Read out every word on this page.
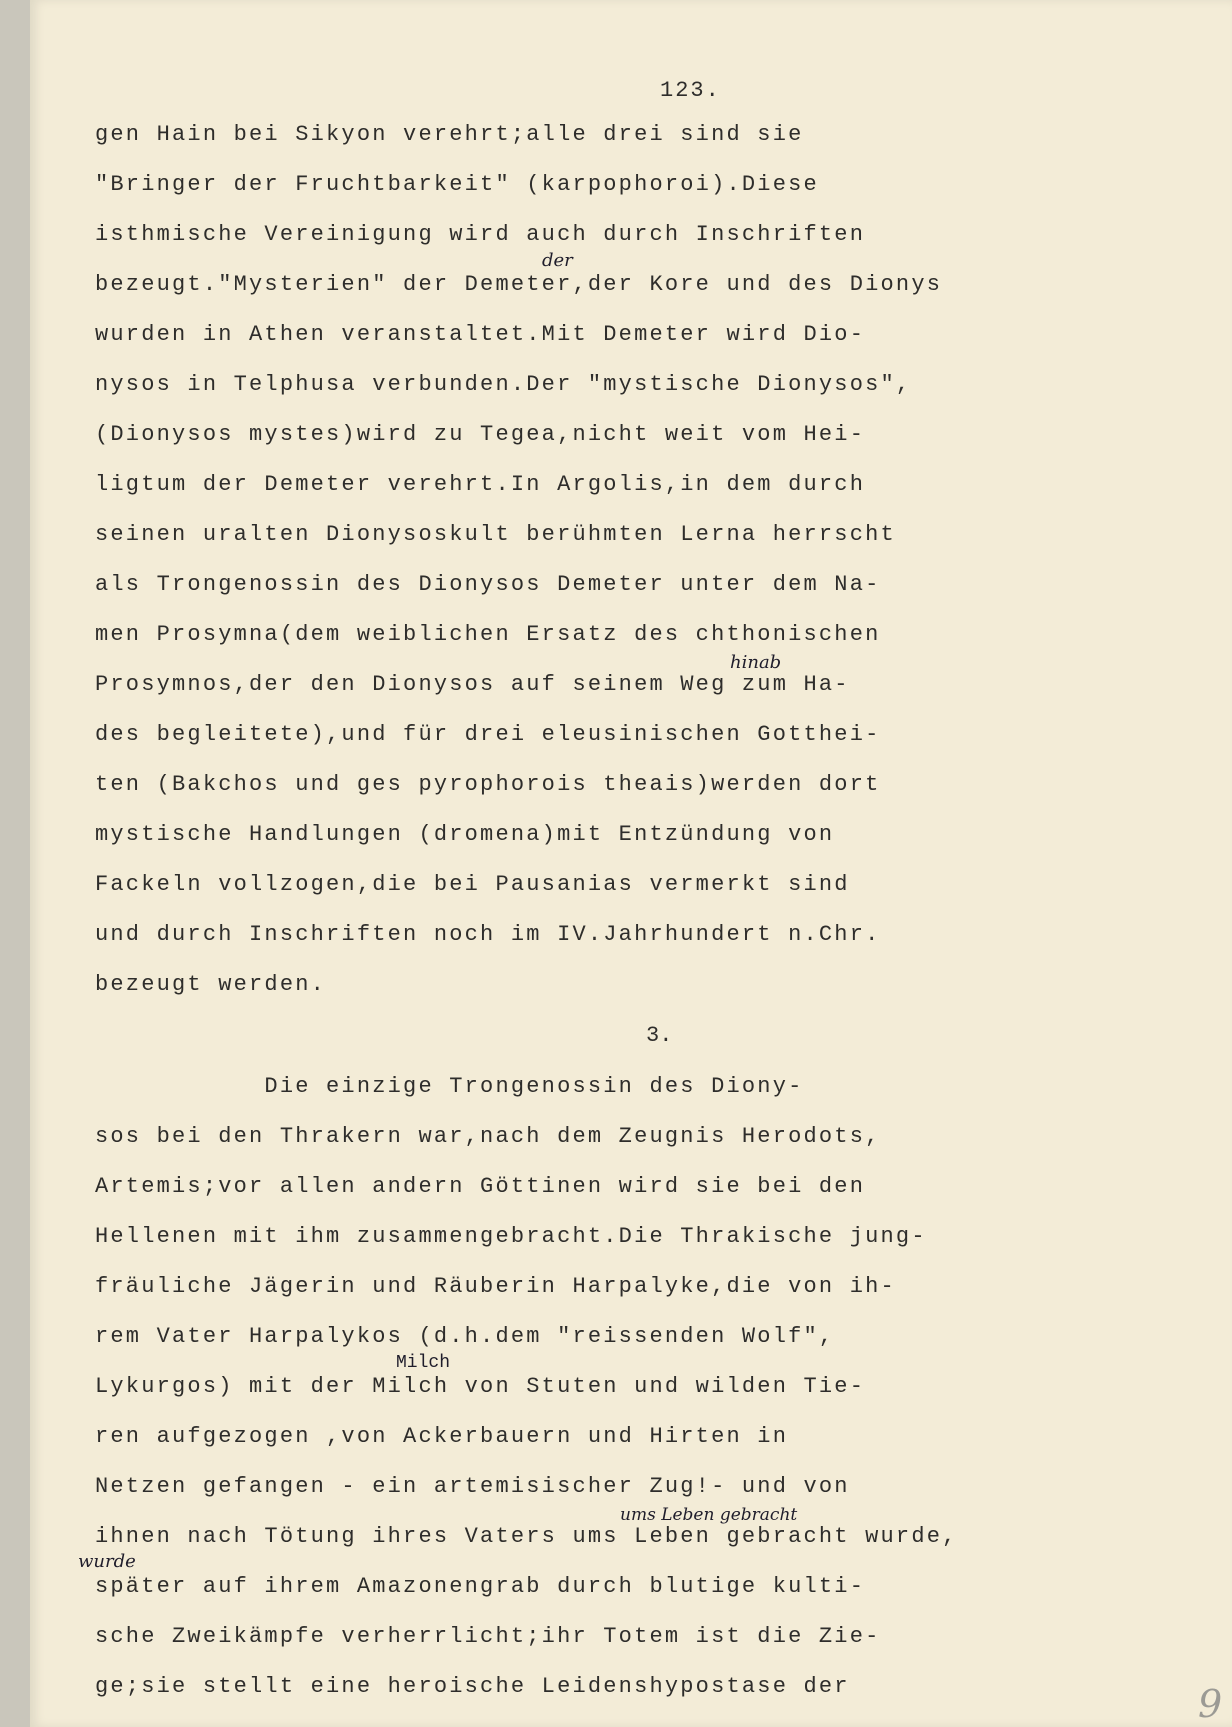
123.
gen Hain bei Sikyon verehrt;alle drei sind sie
"Bringer der Fruchtbarkeit" (karpophoroi).Diese
isthmische Vereinigung wird auch durch Inschriften
bezeugt."Mysterien" der Demeter,der Kore und des Dionys
wurden in Athen veranstaltet.Mit Demeter wird Dio-
nysos in Telphusa verbunden.Der "mystische Dionysos",
(Dionysos mystes)wird zu Tegea,nicht weit vom Hei-
ligtum der Demeter verehrt.In Argolis,in dem durch
seinen uralten Dionysoskult berühmten Lerna herrscht
als Trongenossin des Dionysos Demeter unter dem Na-
men Prosymna(dem weiblichen Ersatz des chthonischen
Prosymnos,der den Dionysos auf seinem Weg zum Ha-
des begleitete),und für drei eleusinischen Gotthei-
ten (Bakchos und ges pyrophorois theais)werden dort
mystische Handlungen (dromena)mit Entzündung von
Fackeln vollzogen,die bei Pausanias vermerkt sind
und durch Inschriften noch im IV.Jahrhundert n.Chr.
bezeugt werden.
3.
Die einzige Trongenossin des Diony-
sos bei den Thrakern war,nach dem Zeugnis Herodots,
Artemis;vor allen andern Göttinen wird sie bei den
Hellenen mit ihm zusammengebracht.Die Thrakische jung-
fräuliche Jägerin und Räuberin Harpalyke,die von ih-
rem Vater Harpalykos (d.h.dem "reissenden Wolf",
Lykurgos) mit der Milch von Stuten und wilden Tie-
ren aufgezogen ,von Ackerbauern und Hirten in
Netzen gefangen - ein artemisischer Zug!- und von
ihnen nach Tötung ihres Vaters ums Leben gebracht wurde,
später auf ihrem Amazonengrab durch blutige kulti-
sche Zweikämpfe verherrlicht;ihr Totem ist die Zie-
ge;sie stellt eine heroische Leidenshypostase der
der
hinab
Milch
ums Leben gebracht
wurde
9
